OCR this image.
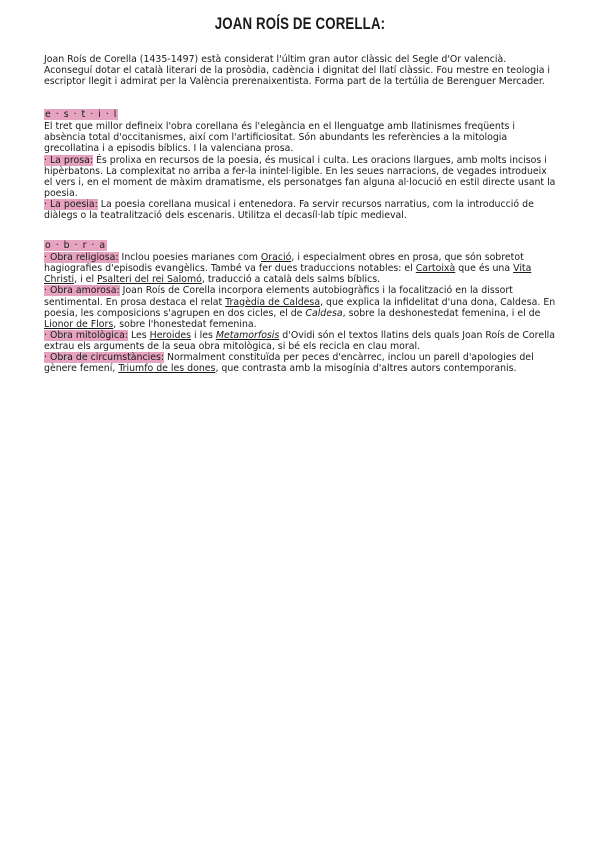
JOAN ROÍS DE CORELLA:

Joan Roís de Corella (1435-1497) està considerat l'últim gran autor clàssic del Segle d'Or valencià. Aconseguí dotar el català literari de la prosòdia, cadència i dignitat del llatí clàssic. Fou mestre en teologia i escriptor llegit i admirat per la València prerenaixentista. Forma part de la tertúlia de Berenguer Mercader.

e · s · t · i · l

El tret que millor defineix l'obra corellana és l'elegància en el llenguatge amb llatinismes freqüents i absència total d'occitanismes, així com l'artificiositat. Són abundants les referències a la mitologia grecollatina i a episodis bíblics. I la valenciana prosa.

· La prosa: És prolixa en recursos de la poesia, és musical i culta. Les oracions llargues, amb molts incisos i hipèrbatons. La complexitat no arriba a fer-la inintel·ligible. En les seues narracions, de vegades introdueix el vers i, en el moment de màxim dramatisme, els personatges fan alguna al·locució en estil directe usant la poesia.

· La poesia: La poesia corellana musical i entenedora. Fa servir recursos narratius, com la introducció de diàlegs o la teatralització dels escenaris. Utilitza el decasíl·lab típic medieval.

o · b · r · a

· Obra religiosa: Inclou poesies marianes com Oració, i especialment obres en prosa, que són sobretot hagiografies d'episodis evangèlics. També va fer dues traduccions notables: el Cartoixà que és una Vita Christi, i el Psalteri del rei Salomó, traducció a català dels salms bíblics.

· Obra amorosa: Joan Roís de Corella incorpora elements autobiogràfics i la focalització en la dissort sentimental. En prosa destaca el relat Tragèdia de Caldesa, que explica la infidelitat d'una dona, Caldesa. En poesia, les composicions s'agrupen en dos cicles, el de Caldesa, sobre la deshonestedat femenina, i el de Lionor de Flors, sobre l'honestedat femenina.

· Obra mitològica: Les Heroides i les Metamorfosis d'Ovidi són el textos llatins dels quals Joan Roís de Corella extrau els arguments de la seua obra mitològica, si bé els recicla en clau moral.

· Obra de circumstàncies: Normalment constituïda per peces d'encàrrec, inclou un parell d'apologies del gènere femení, Triumfo de les dones, que contrasta amb la misogínia d'altres autors contemporanis.
